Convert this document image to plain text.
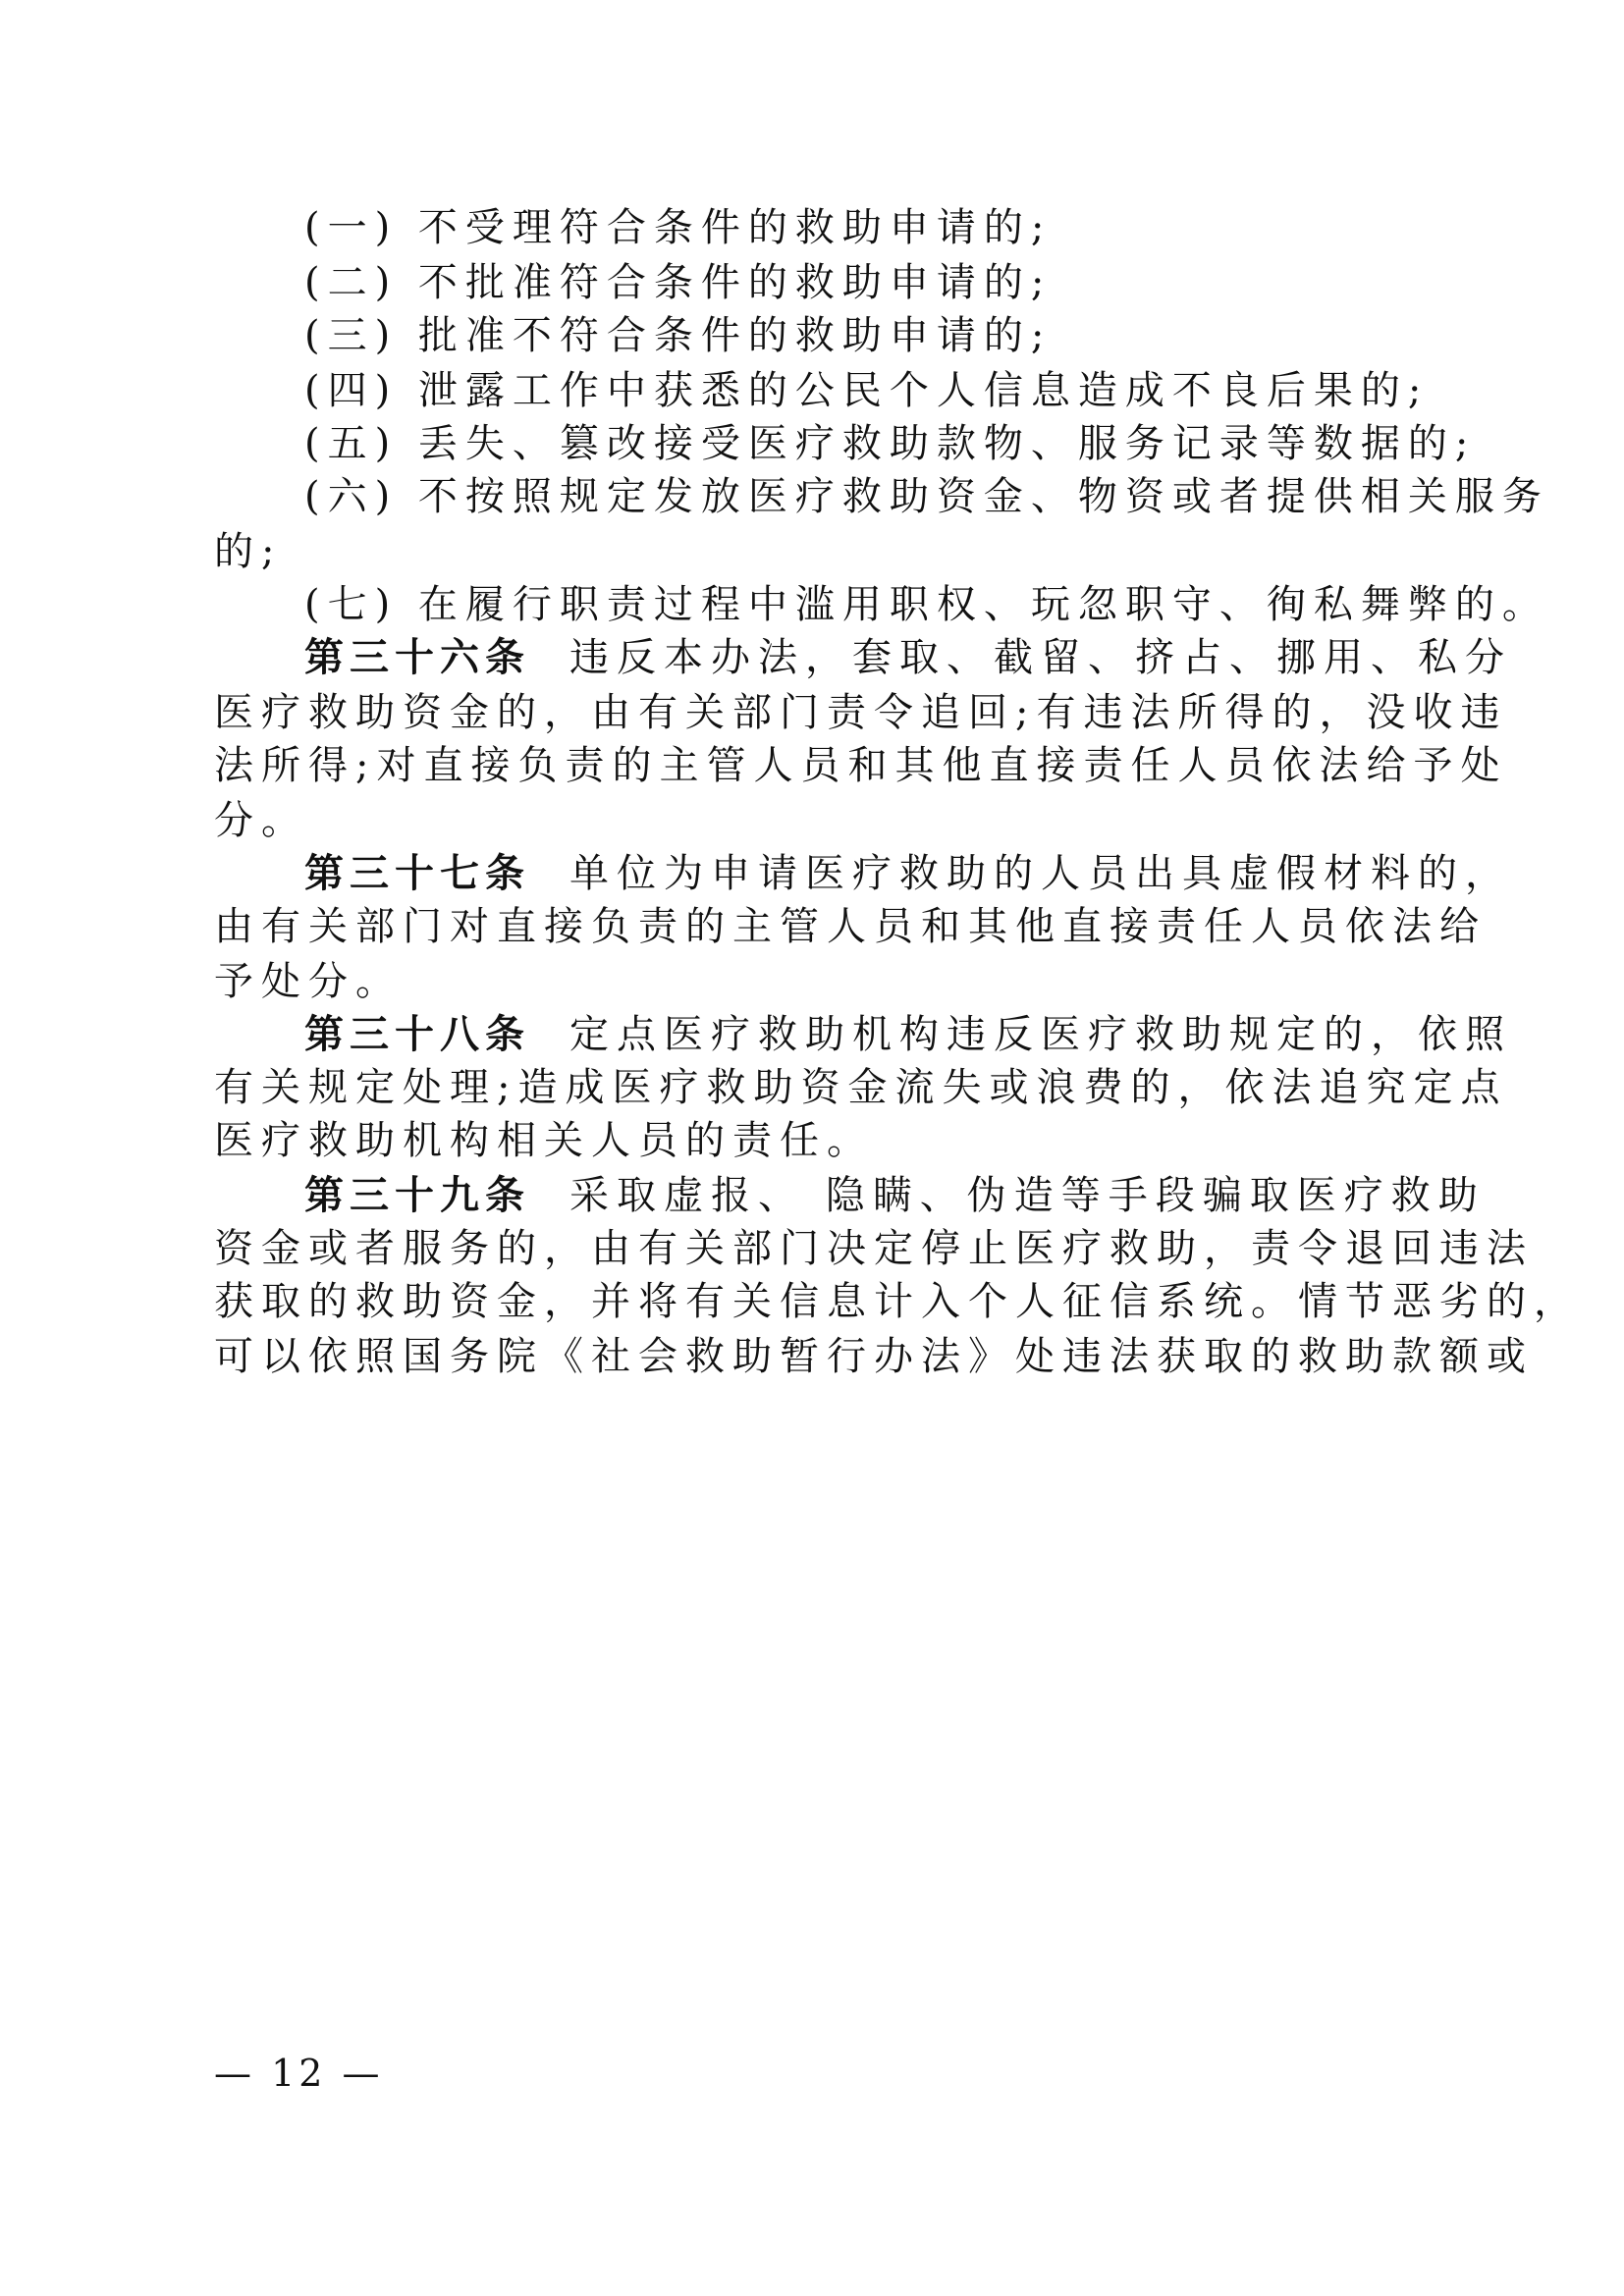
(一) 不受理符合条件的救助申请的;

(二) 不批准符合条件的救助申请的;

(三) 批准不符合条件的救助申请的;

(四) 泄露工作中获悉的公民个人信息造成不良后果的;

(五) 丢失、篡改接受医疗救助款物、服务记录等数据的;

(六) 不按照规定发放医疗救助资金、物资或者提供相关服务

的;

(七) 在履行职责过程中滥用职权、玩忽职守、徇私舞弊的。

第三十六条 违反本办法，套取、截留、挤占、挪用、私分

医疗救助资金的，由有关部门责令追回;有违法所得的，没收违

法所得;对直接负责的主管人员和其他直接责任人员依法给予处

分。

第三十七条 单位为申请医疗救助的人员出具虚假材料的，

由有关部门对直接负责的主管人员和其他直接责任人员依法给

予处分。

第三十八条 定点医疗救助机构违反医疗救助规定的，依照

有关规定处理;造成医疗救助资金流失或浪费的，依法追究定点

医疗救助机构相关人员的责任。

第三十九条 采取虚报、 隐瞒、伪造等手段骗取医疗救助

资金或者服务的，由有关部门决定停止医疗救助，责令退回违法

获取的救助资金，并将有关信息计入个人征信系统。情节恶劣的，

可以依照国务院《社会救助暂行办法》处违法获取的救助款额或

— 12 —
